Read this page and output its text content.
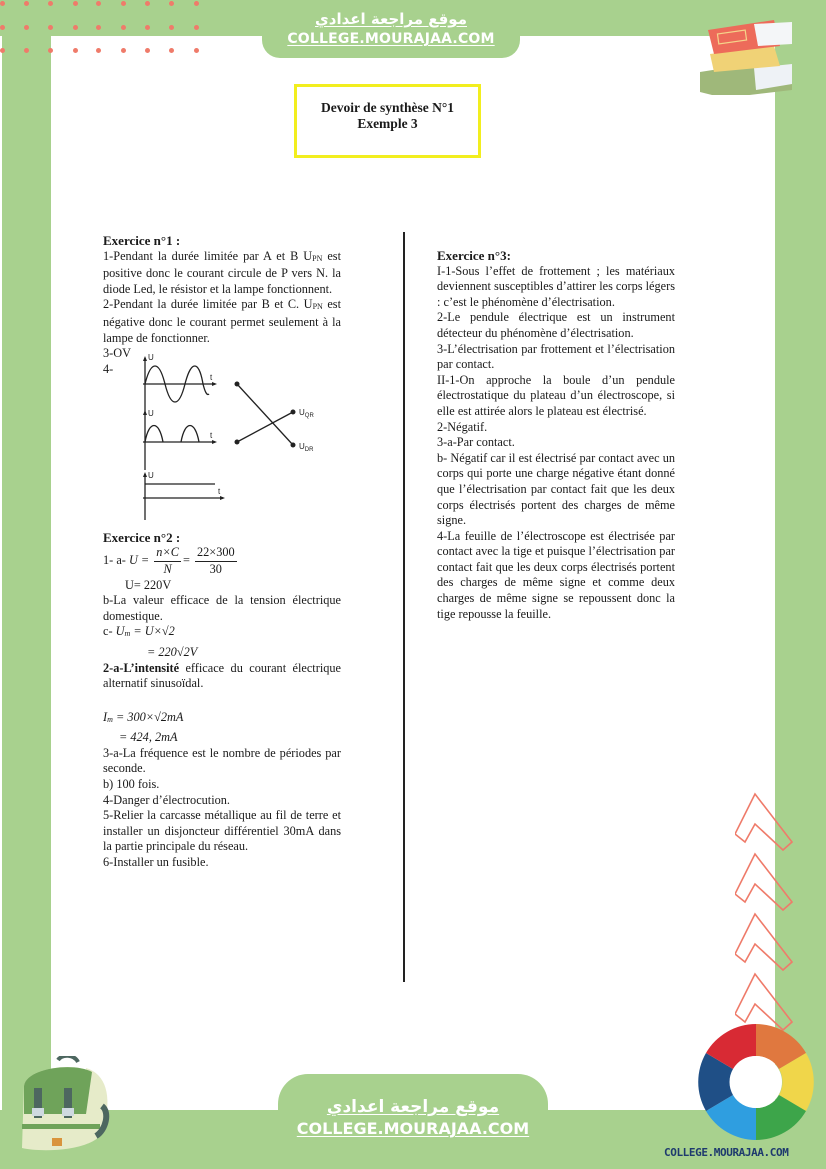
موقع مراجعة اعدادي
COLLEGE.MOURAJAA.COM
Devoir de synthèse N°1
Exemple 3

Exercice n°1 :

1-Pendant la durée limitée par A et B $U_{PN}$ est positive donc le courant circule de P vers N. la diode Led, le résistor et la lampe fonctionnent.

2-Pendant la durée limitée par B et C. $U_{PN}$ est négative donc le courant permet seulement à la lampe de fonctionner.

3-OV

4-
U
t
U
t
U
t
$U_{QR}$
$U_{DR}$

Exercice n°2 :

1- a- $U = \frac{n\times C}{N} = \frac{22\times 300}{30}$

U= 220V

b-La valeur efficace de la tension électrique domestique.

c- $U_m = U\times√2$

= 220√2V

2-a-L’intensité efficace du courant électrique alternatif sinusoïdal.

$I_m = 300\times√2mA$

= 424, 2mA

3-a-La fréquence est le nombre de périodes par seconde.

b) 100 fois.

4-Danger d’électrocution.

5-Relier la carcasse métallique au fil de terre et installer un disjoncteur différentiel 30mA dans la partie principale du réseau.

6-Installer un fusible.

Exercice n°3:

I-1-Sous l’effet de frottement ; les matériaux deviennent susceptibles d’attirer les corps légers : c’est le phénomène d’électrisation.

2-Le pendule électrique est un instrument détecteur du phénomène d’électrisation.

3-L’électrisation par frottement et l’électrisation par contact.

II-1-On approche la boule d’un pendule électrostatique du plateau d’un électroscope, si elle est attirée alors le plateau est électrisé.

2-Négatif.

3-a-Par contact.

b- Négatif car il est électrisé par contact avec un corps qui porte une charge négative étant donné que l’électrisation par contact fait que les deux corps électrisés portent des charges de même signe.

4-La feuille de l’électroscope est électrisée par contact avec la tige et puisque l’électrisation par contact fait que les deux corps électrisés portent des charges de même signe et comme deux charges de même signe se repoussent donc la tige repousse la feuille.

موقع مراجعة اعدادي
COLLEGE.MOURAJAA.COM
COLLEGE.MOURAJAA.COM
